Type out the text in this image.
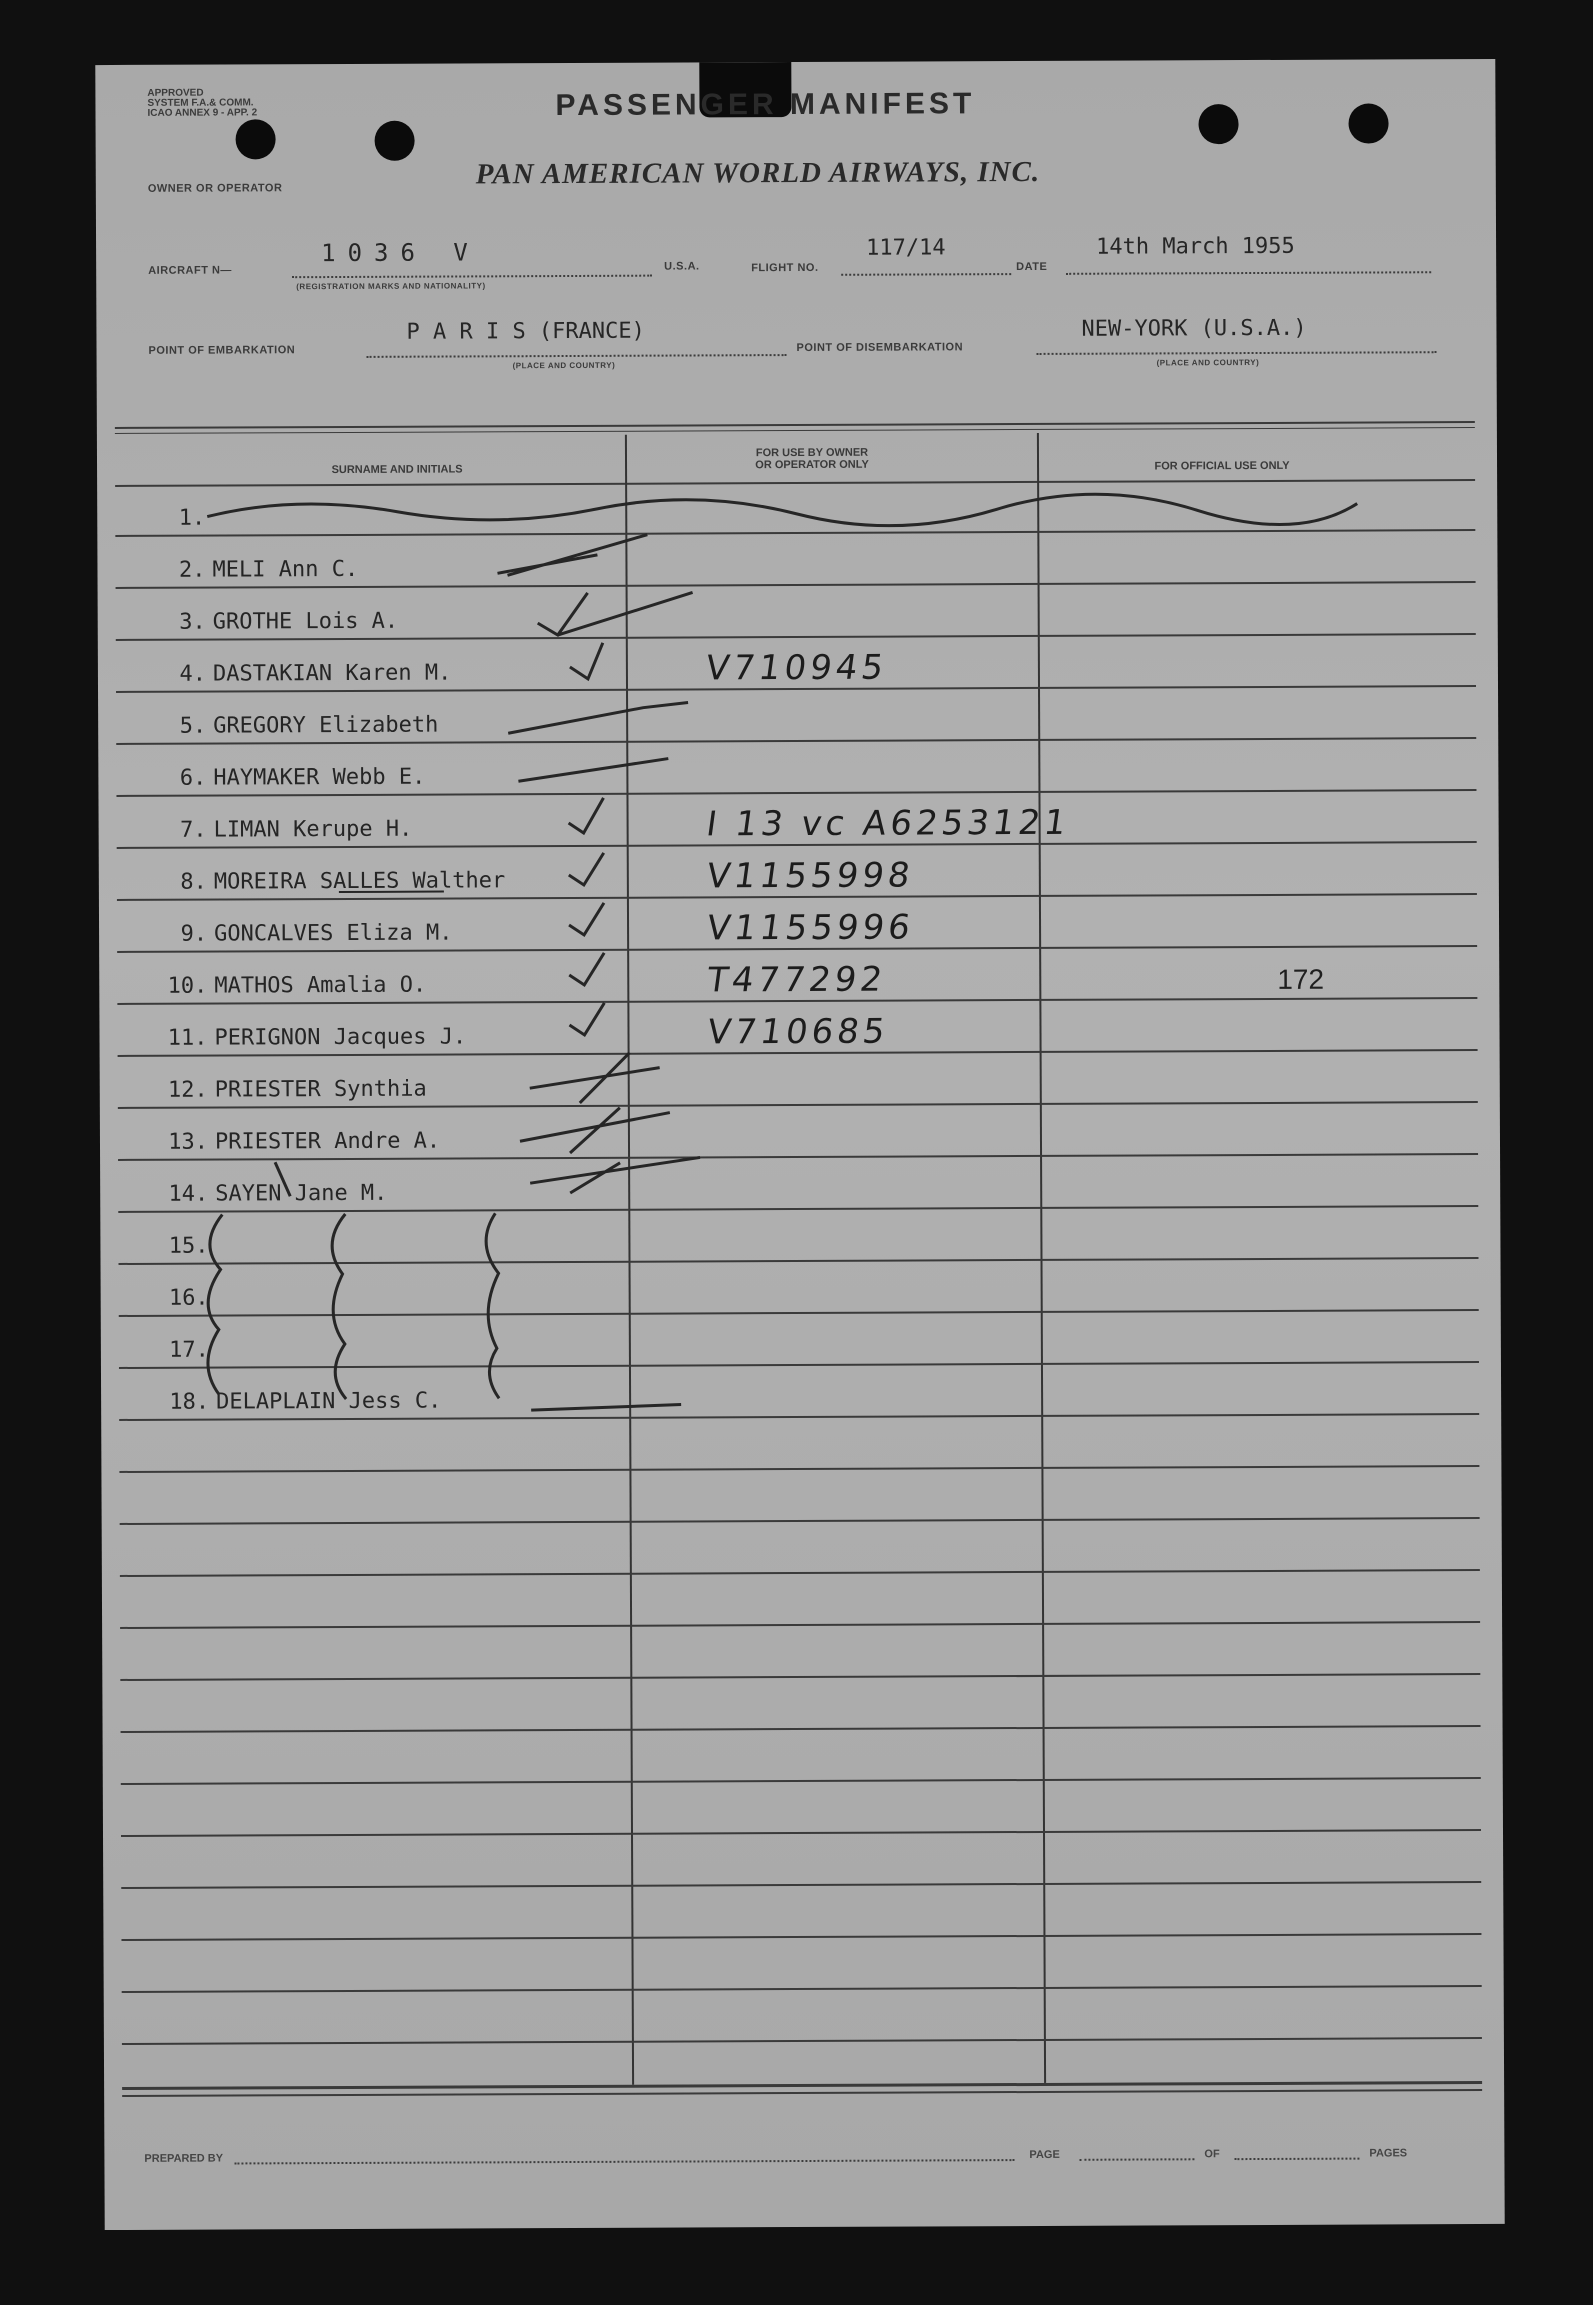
APPROVED
SYSTEM F.A.& COMM.
ICAO ANNEX 9 - APP. 2	PASSENGER MANIFEST
OWNER OR OPERATOR	PAN AMERICAN WORLD AIRWAYS, INC.
AIRCRAFT N—
1036 V
(REGISTRATION MARKS AND NATIONALITY)
U.S.A.	FLIGHT NO.
117/14
DATE
14th March 1955
POINT OF EMBARKATION
P A R I S (FRANCE)
(PLACE AND COUNTRY)
POINT OF DISEMBARKATION
NEW-YORK (U.S.A.)
(PLACE AND COUNTRY)
SURNAME AND INITIALS
FOR USE BY OWNER
OR OPERATOR ONLY	FOR OFFICIAL USE ONLY
1.
2. MELI Ann C.
3. GROTHE Lois A.
4. DASTAKIAN Karen M.	V710945
5. GREGORY Elizabeth
6. HAYMAKER Webb E.
7. LIMAN Kerupe H.	I 13 vc A6253121
8. MOREIRA SALLES Walther	V1155998
9. GONCALVES Eliza M.	V1155996
10. MATHOS Amalia O.	T477292	172
11. PERIGNON Jacques J.	V710685
12. PRIESTER Synthia
13. PRIESTER Andre A.
14. SAYEN Jane M.
15.
16.
17.
18. DELAPLAIN Jess C.
PREPARED BY	PAGE	OF	PAGES
